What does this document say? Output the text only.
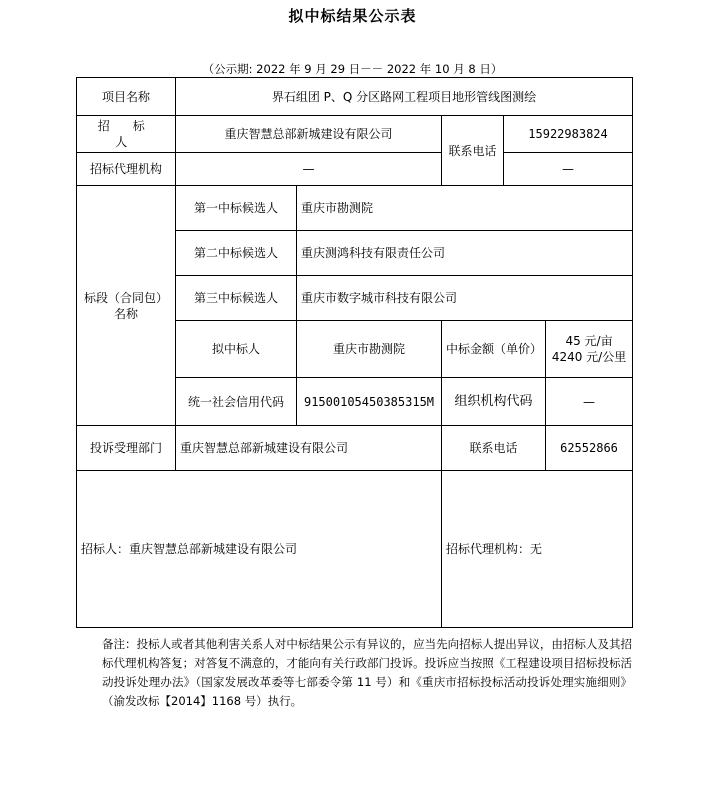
拟中标结果公示表
（公示期: 2022 年 9 月 29 日－－ 2022 年 10 月 8 日）
项目名称	界石组团 P、Q 分区路网工程项目地形管线图测绘				
招 标 人	重庆智慧总部新城建设有限公司		联系电话	15922983824	
招标代理机构	—			—	
标段（合同包）名称	第一中标候选人	重庆市勘测院			
	第二中标候选人	重庆测鸿科技有限责任公司			
	第三中标候选人	重庆市数字城市科技有限公司			
	拟中标人	重庆市勘测院	中标金额（单价）		45 元/亩
4240 元/公里
	统一社会信用代码	91500105450385315M	组织机构代码		—
投诉受理部门	重庆智慧总部新城建设有限公司		联系电话		62552866
招标人：重庆智慧总部新城建设有限公司			招标代理机构：无		
备注：投标人或者其他利害关系人对中标结果公示有异议的，应当先向招标人提出异议，由招标人及其招标代理机构答复；对答复不满意的，才能向有关行政部门投诉。投诉应当按照《工程建设项目招标投标活动投诉处理办法》（国家发展改革委等七部委令第 11 号）和《重庆市招标投标活动投诉处理实施细则》（渝发改标【2014】1168 号）执行。
